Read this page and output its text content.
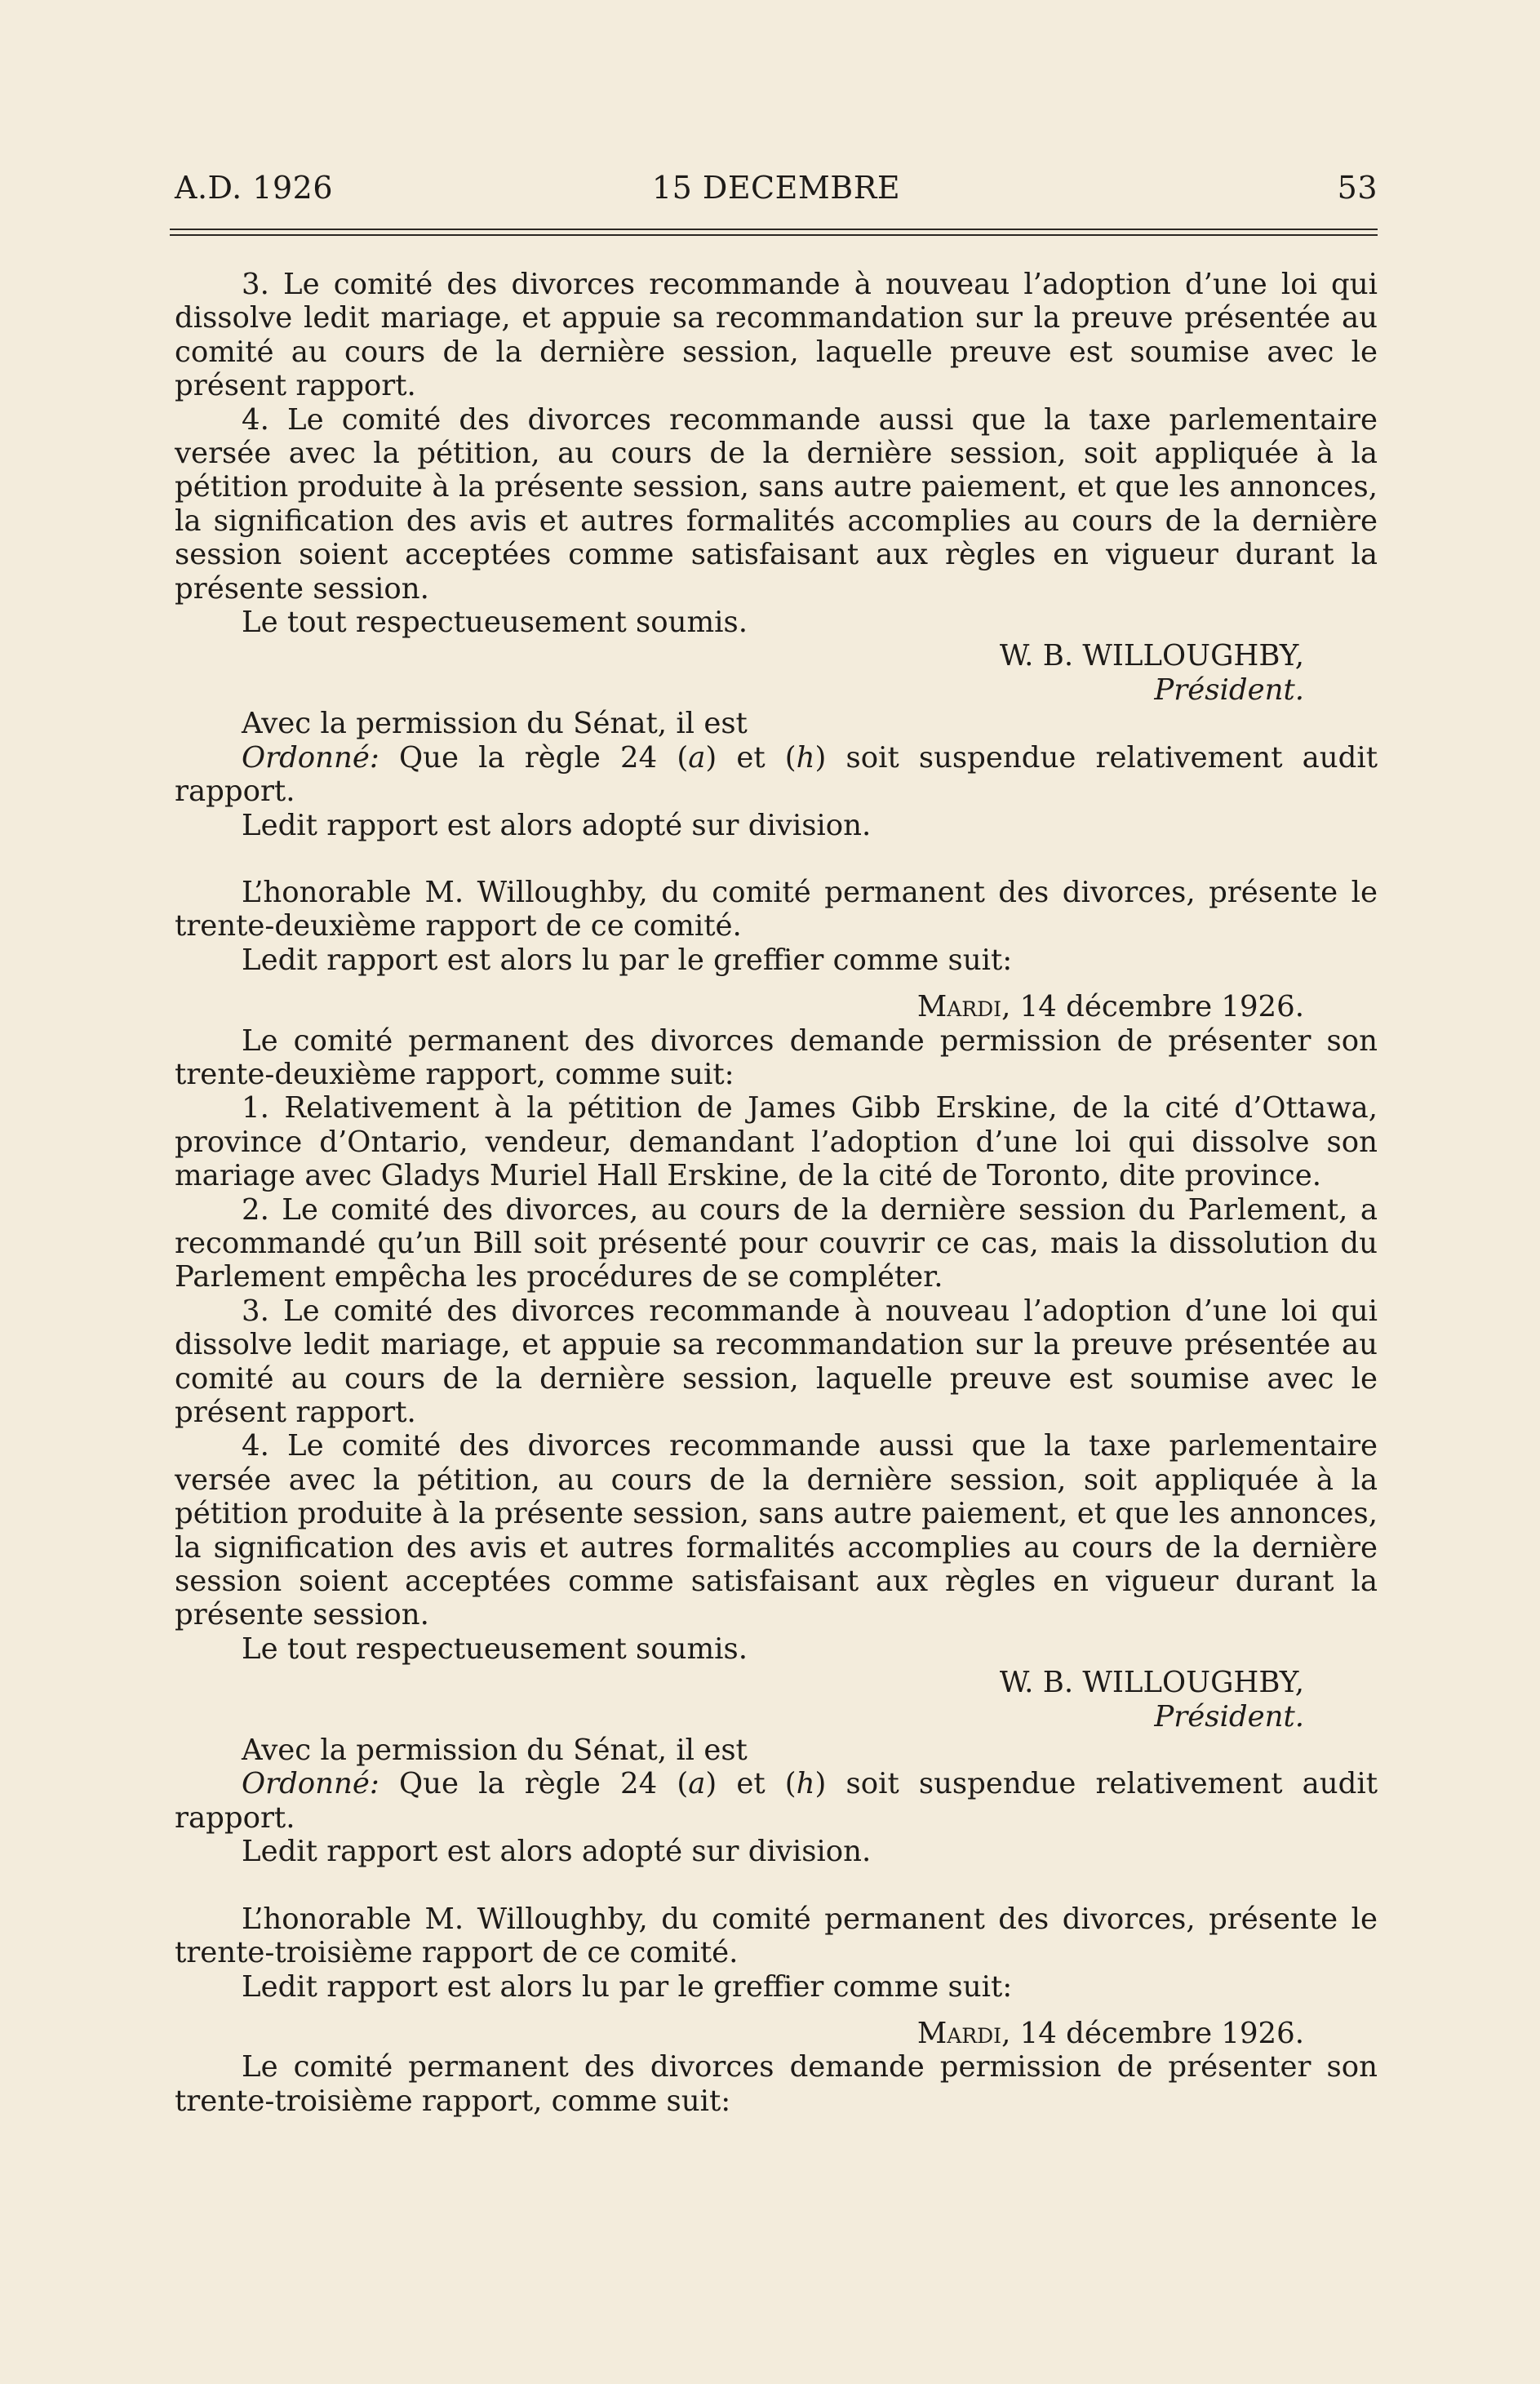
A.D. 1926	15 DECEMBRE	53

3. Le comité des divorces recommande à nouveau l’adoption d’une loi qui dissolve ledit mariage, et appuie sa recommandation sur la preuve présentée au comité au cours de la dernière session, laquelle preuve est soumise avec le présent rapport.

4. Le comité des divorces recommande aussi que la taxe parlementaire versée avec la pétition, au cours de la dernière session, soit appliquée à la pétition produite à la présente session, sans autre paiement, et que les annonces, la signification des avis et autres formalités accomplies au cours de la dernière session soient acceptées comme satisfaisant aux règles en vigueur durant la présente session.

Le tout respectueusement soumis.

W. B. WILLOUGHBY,

Président.

Avec la permission du Sénat, il est

Ordonné: Que la règle 24 (a) et (h) soit suspendue relativement audit rapport.

Ledit rapport est alors adopté sur division.

L’honorable M. Willoughby, du comité permanent des divorces, présente le trente-deuxième rapport de ce comité.

Ledit rapport est alors lu par le greffier comme suit:

Mardi, 14 décembre 1926.

Le comité permanent des divorces demande permission de présenter son trente-deuxième rapport, comme suit:

1. Relativement à la pétition de James Gibb Erskine, de la cité d’Ottawa, province d’Ontario, vendeur, demandant l’adoption d’une loi qui dissolve son mariage avec Gladys Muriel Hall Erskine, de la cité de Toronto, dite province.

2. Le comité des divorces, au cours de la dernière session du Parlement, a recommandé qu’un Bill soit présenté pour couvrir ce cas, mais la dissolution du Parlement empêcha les procédures de se compléter.

3. Le comité des divorces recommande à nouveau l’adoption d’une loi qui dissolve ledit mariage, et appuie sa recommandation sur la preuve présentée au comité au cours de la dernière session, laquelle preuve est soumise avec le présent rapport.

4. Le comité des divorces recommande aussi que la taxe parlementaire versée avec la pétition, au cours de la dernière session, soit appliquée à la pétition produite à la présente session, sans autre paiement, et que les annonces, la signification des avis et autres formalités accomplies au cours de la dernière session soient acceptées comme satisfaisant aux règles en vigueur durant la présente session.

Le tout respectueusement soumis.

W. B. WILLOUGHBY,

Président.

Avec la permission du Sénat, il est

Ordonné: Que la règle 24 (a) et (h) soit suspendue relativement audit rapport.

Ledit rapport est alors adopté sur division.

L’honorable M. Willoughby, du comité permanent des divorces, présente le trente-troisième rapport de ce comité.

Ledit rapport est alors lu par le greffier comme suit:

Mardi, 14 décembre 1926.

Le comité permanent des divorces demande permission de présenter son trente-troisième rapport, comme suit:
